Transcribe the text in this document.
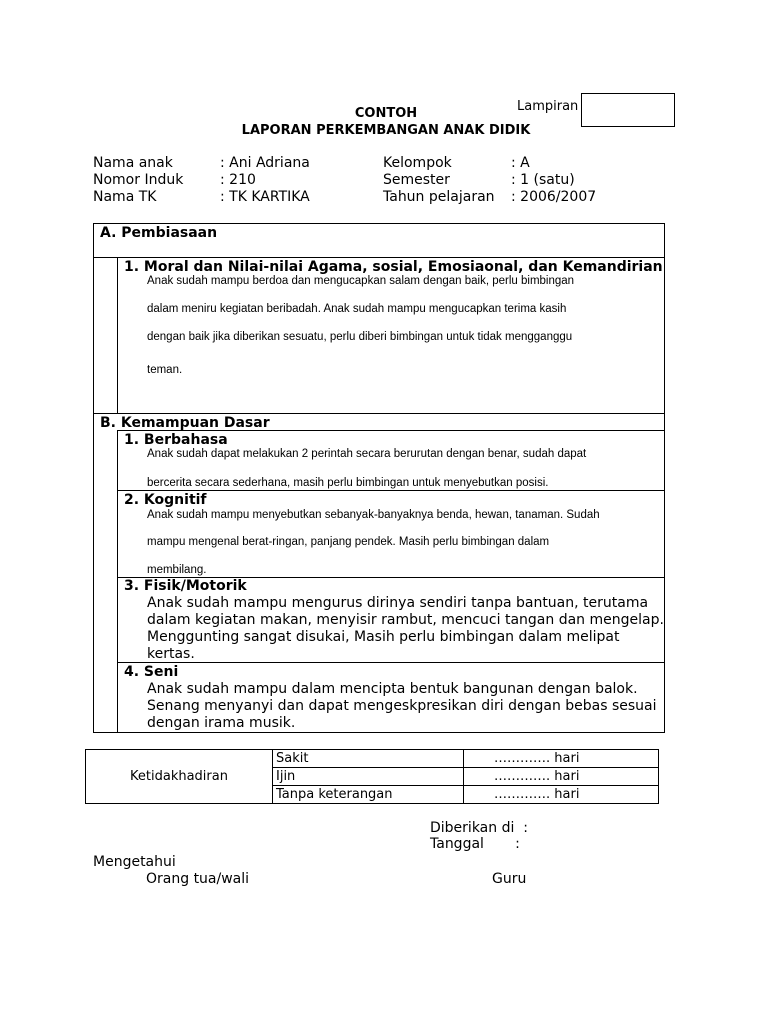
Lampiran
CONTOH
LAPORAN PERKEMBANGAN ANAK DIDIK
Nama anak	: Ani Adriana	Kelompok	: A
Nomor Induk	: 210	Semester	: 1 (satu)
Nama TK	: TK KARTIKA	Tahun pelajaran : 2006/2007
A. Pembiasaan
1. Moral dan Nilai-nilai Agama, sosial, Emosiaonal, dan Kemandirian
Anak sudah mampu berdoa dan mengucapkan salam dengan baik, perlu bimbingan
dalam meniru kegiatan beribadah. Anak sudah mampu mengucapkan terima kasih
dengan baik jika diberikan sesuatu, perlu diberi bimbingan untuk tidak mengganggu
teman.
B. Kemampuan Dasar
1. Berbahasa
Anak sudah dapat melakukan 2 perintah secara berurutan dengan benar, sudah dapat
bercerita secara sederhana, masih perlu bimbingan untuk menyebutkan posisi.
2. Kognitif
Anak sudah mampu menyebutkan sebanyak-banyaknya benda, hewan, tanaman. Sudah
mampu mengenal berat-ringan, panjang pendek. Masih perlu bimbingan dalam
membilang.
3. Fisik/Motorik
Anak sudah mampu mengurus dirinya sendiri tanpa bantuan, terutama
dalam kegiatan makan, menyisir rambut, mencuci tangan dan mengelap.
Menggunting sangat disukai, Masih perlu bimbingan dalam melipat
kertas.
4. Seni
Anak sudah mampu dalam mencipta bentuk bangunan dengan balok.
Senang menyanyi dan dapat mengeskpresikan diri dengan bebas sesuai
dengan irama musik.
Ketidakhadiran	Sakit	…………. hari
	Ijin	…………. hari
	Tanpa keterangan	…………. hari
Diberikan di  :
Tanggal       :
Mengetahui
Orang tua/wali	Guru
